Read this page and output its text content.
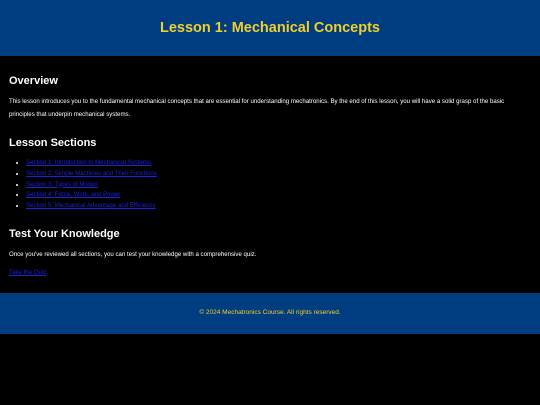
Lesson 1: Mechanical Concepts
Overview

This lesson introduces you to the fundamental mechanical concepts that are essential for understanding mechatronics. By the end of this lesson, you will have a solid grasp of the basic principles that underpin mechanical systems.

Lesson Sections
• Section 1: Introduction to Mechanical Systems
• Section 2: Simple Machines and Their Functions
• Section 3: Types of Motion
• Section 4: Force, Work, and Power
• Section 5: Mechanical Advantage and Efficiency
Test Your Knowledge

Once you've reviewed all sections, you can test your knowledge with a comprehensive quiz.

Take the Quiz

© 2024 Mechatronics Course. All rights reserved.
